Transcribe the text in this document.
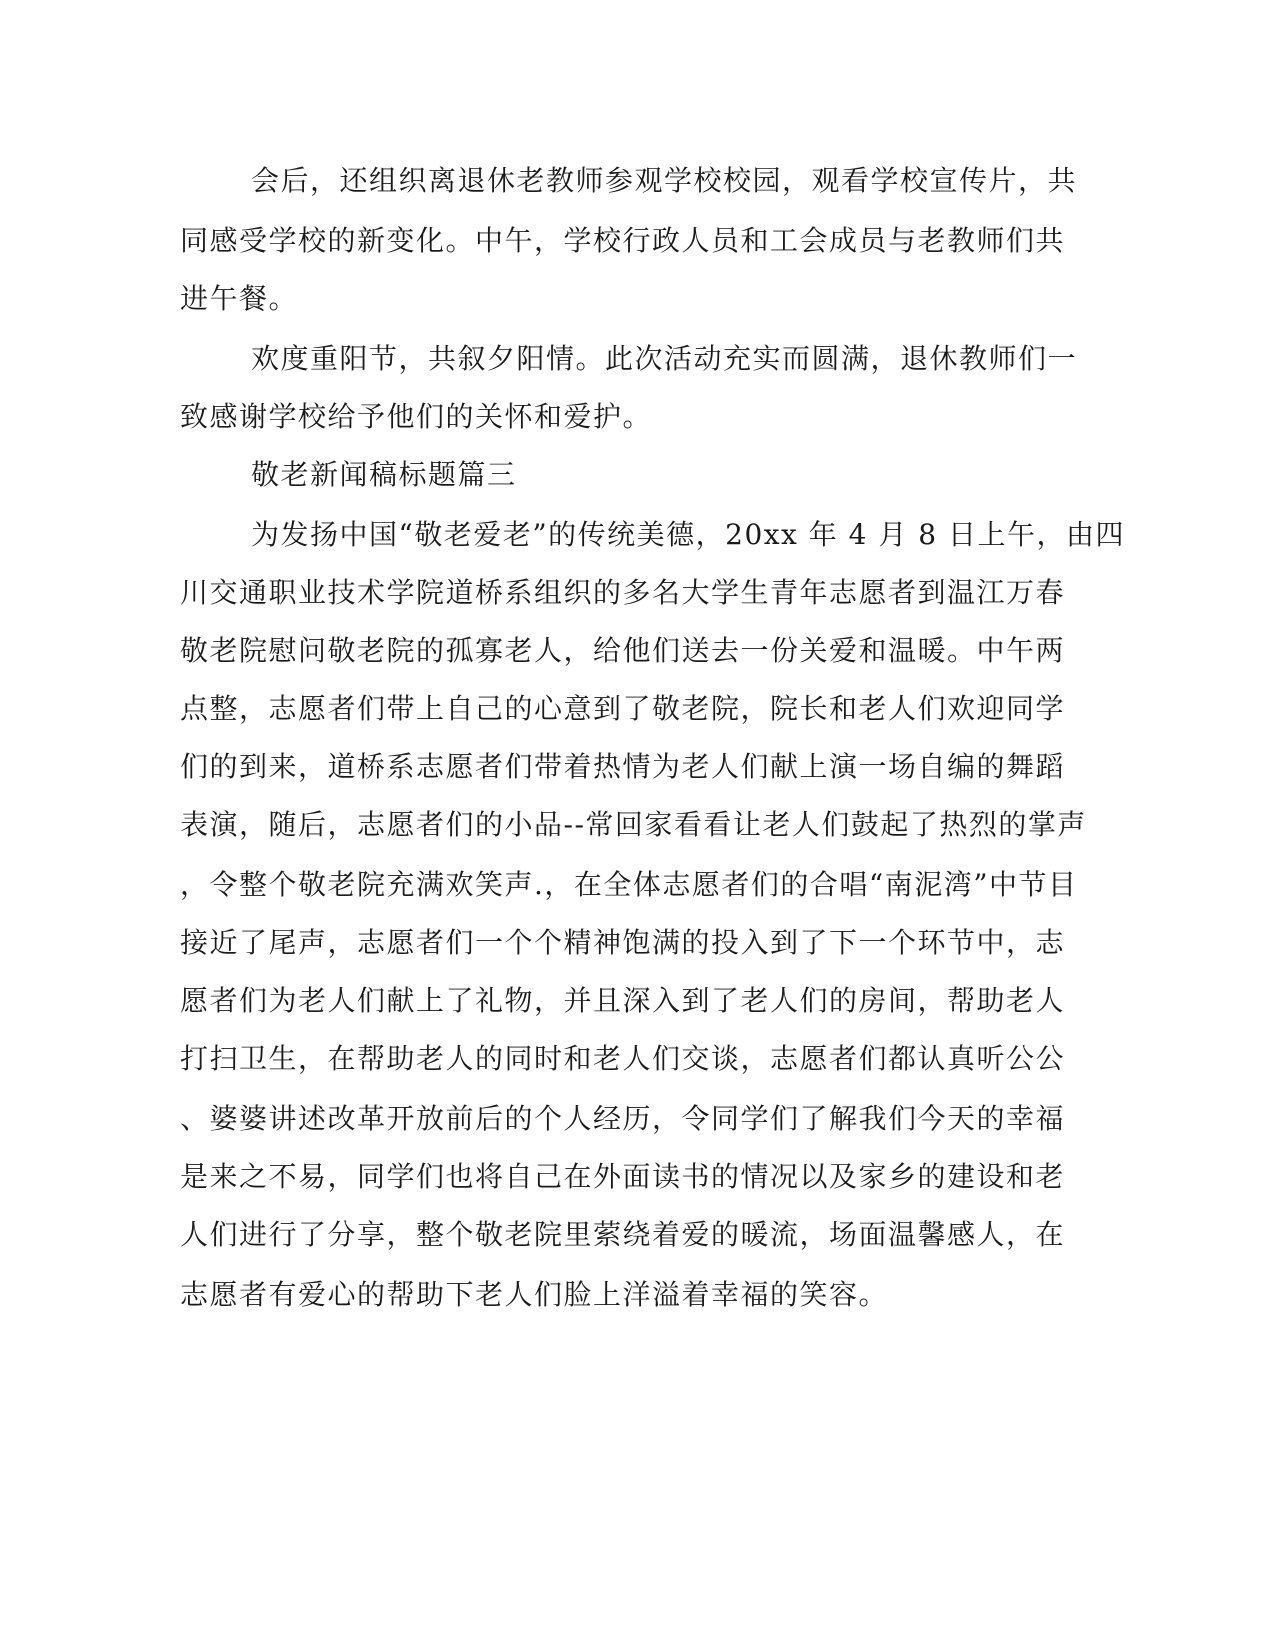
会后，还组织离退休老教师参观学校校园，观看学校宣传片，共
同感受学校的新变化。中午，学校行政人员和工会成员与老教师们共
进午餐。
欢度重阳节，共叙夕阳情。此次活动充实而圆满，退休教师们一
致感谢学校给予他们的关怀和爱护。
敬老新闻稿标题篇三
为发扬中国“敬老爱老”的传统美德，20xx 年 4 月 8 日上午，由四
川交通职业技术学院道桥系组织的多名大学生青年志愿者到温江万春
敬老院慰问敬老院的孤寡老人，给他们送去一份关爱和温暖。中午两
点整，志愿者们带上自己的心意到了敬老院，院长和老人们欢迎同学
们的到来，道桥系志愿者们带着热情为老人们献上演一场自编的舞蹈
表演，随后，志愿者们的小品--常回家看看让老人们鼓起了热烈的掌声
，令整个敬老院充满欢笑声.，在全体志愿者们的合唱“南泥湾”中节目
接近了尾声，志愿者们一个个精神饱满的投入到了下一个环节中，志
愿者们为老人们献上了礼物，并且深入到了老人们的房间，帮助老人
打扫卫生，在帮助老人的同时和老人们交谈，志愿者们都认真听公公
、婆婆讲述改革开放前后的个人经历，令同学们了解我们今天的幸福
是来之不易，同学们也将自己在外面读书的情况以及家乡的建设和老
人们进行了分享，整个敬老院里萦绕着爱的暖流，场面温馨感人，在
志愿者有爱心的帮助下老人们脸上洋溢着幸福的笑容。
